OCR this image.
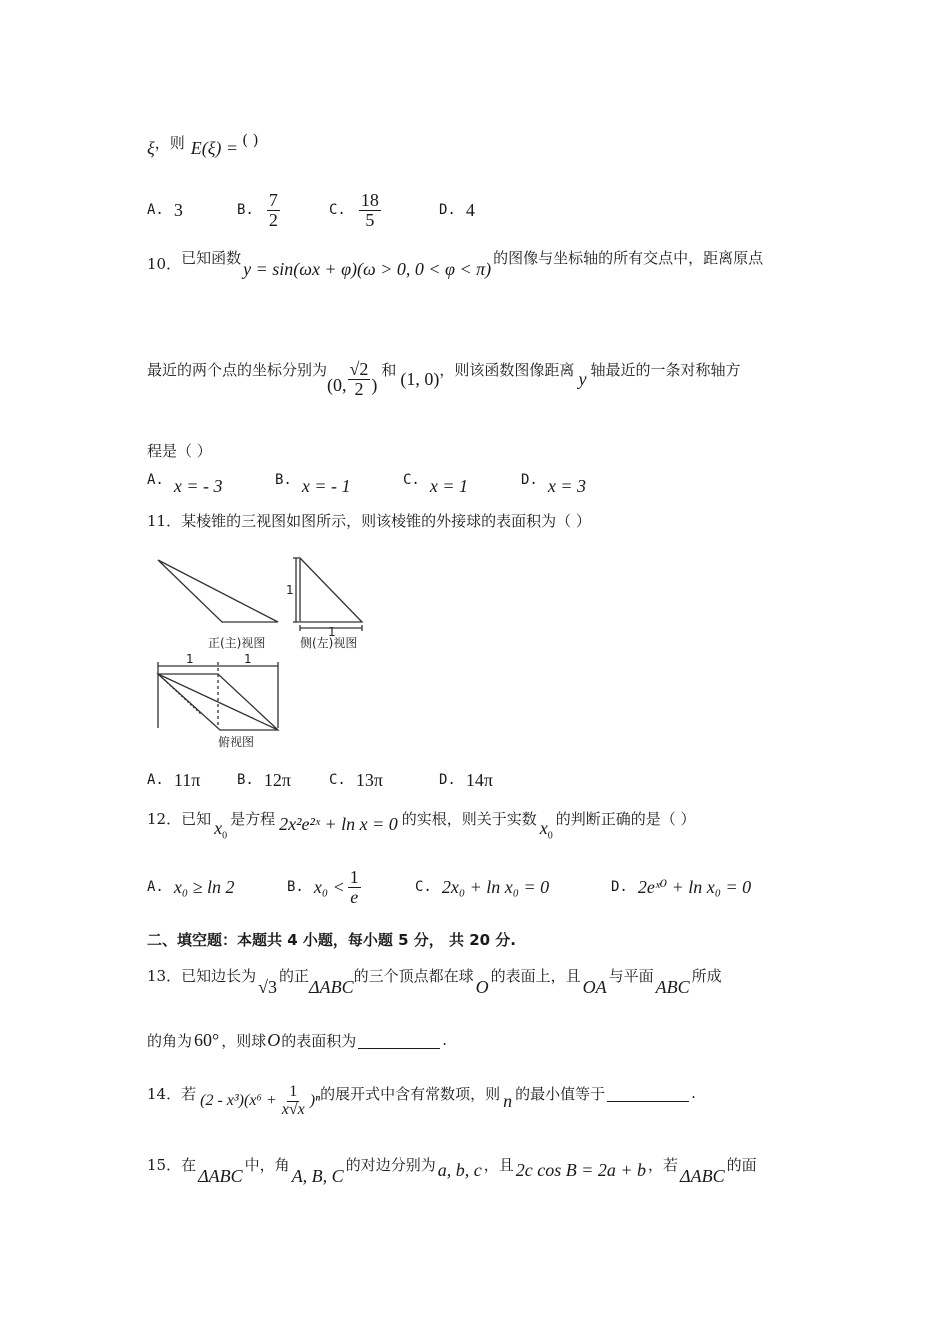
ξ ，则 E(ξ) = ( )
A. 3	B. $\frac{7}{2}$	C. $\frac{18}{5}$	D. 4
10． 已知函数
y = sin(ωx + φ)(ω > 0, 0 < φ < π)
的图像与坐标轴的所有交点中，距离原点
最近的两个点的坐标分别为
(0, $\frac{√2}{2}$ )
和 (1, 0) ，则该函数图像距离 y 轴最近的一条对称轴方
程是（ ）
A. x = - 3	B. x = - 1	C. x = 1	D. x = 3
11．某棱锥的三视图如图所示，则该棱锥的外接球的表面积为（ ）
正(主)视图	侧(左)视图
1
1
1	1
俯视图
A. 11π	B. 12π	C. 13π	D. 14π
12． 已知 $x_0$
是方程 2x²e²ˣ + ln x = 0 的实根，则关于实数 $x_0$
的判断正确的是（ ）
A. x₀ ≥ ln 2	B. $x_0 < \frac{1}{e}$	C. 2x₀ + ln x₀ = 0	D. 2eˣ⁰ + ln x₀ = 0
二、填空题：本题共 4 小题，每小题 5 分， 共 20 分.
13． 已知边长为
√3
的正
ΔABC
的三个顶点都在球
O
的表面上，且
OA
与平面
ABC
所成
的角为 60° ，则球 O 的表面积为	.
14． 若 $(2 - x^3)(x^6 + \frac{1}{x√x} )^n$ 的展开式中含有常数项，则 n 的最小值等于	.
15． 在
ΔABC
中，角
A, B, C
的对边分别为 a, b, c ，且 2c cos B = 2a + b ，若
ΔABC
的面
